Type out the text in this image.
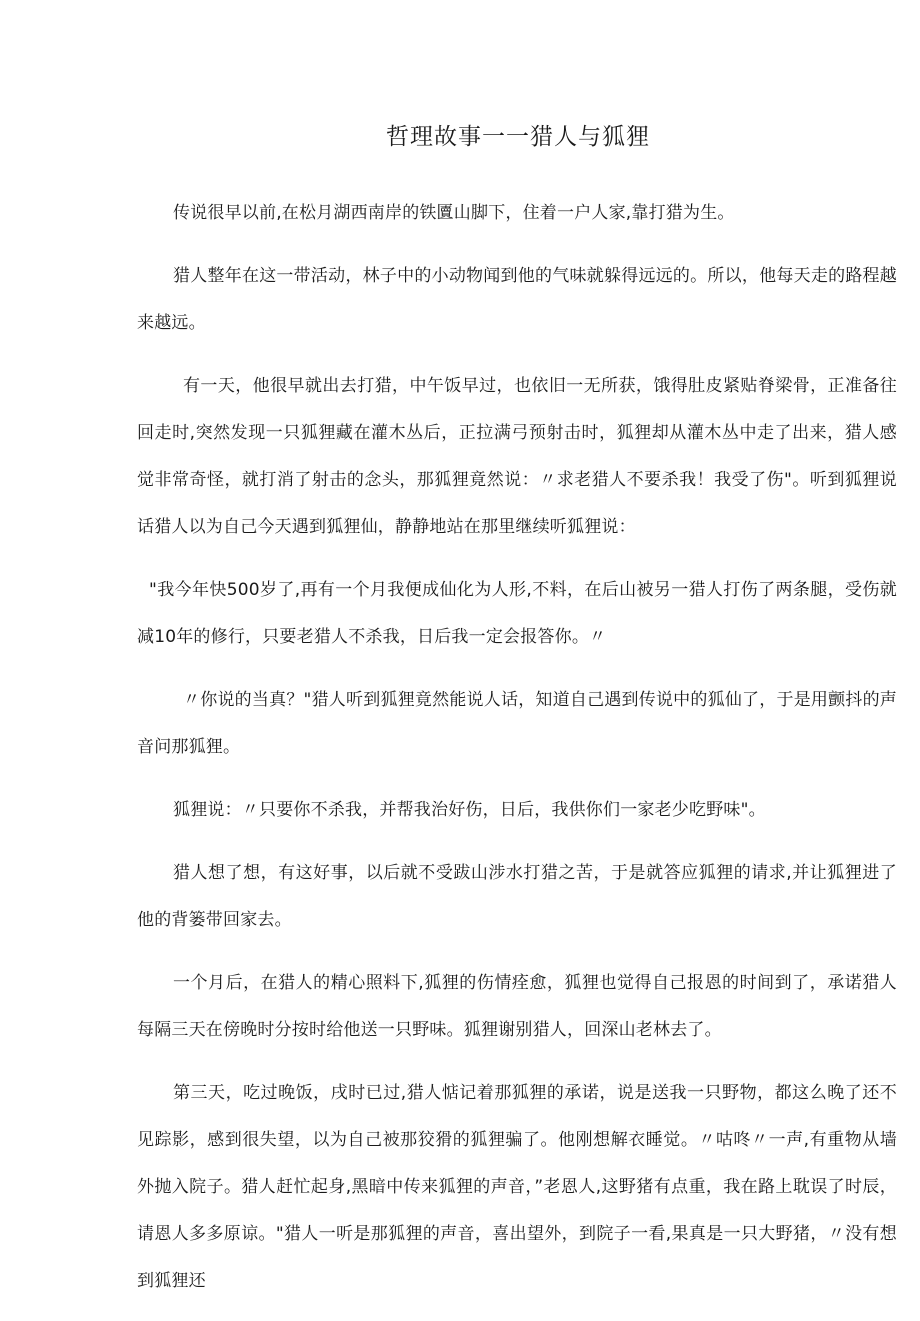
哲理故事一一猎人与狐狸

传说很早以前,在松月湖西南岸的铁匵山脚下，住着一户人家,靠打猎为生。

猎人整年在这一带活动，林子中的小动物闻到他的气味就躲得远远的。所以，他每天走的路程越来越远。

有一天，他很早就出去打猎，中午饭早过，也依旧一无所获，饿得肚皮紧贴脊梁骨，正准备往回走时,突然发现一只狐狸藏在灌木丛后，正拉满弓预射击时，狐狸却从灌木丛中走了出来，猎人感觉非常奇怪，就打消了射击的念头，那狐狸竟然说：〃求老猎人不要杀我！我受了伤"。听到狐狸说话猎人以为自己今天遇到狐狸仙，静静地站在那里继续听狐狸说：

"我今年快500岁了,再有一个月我便成仙化为人形,不料，在后山被另一猎人打伤了两条腿，受伤就减10年的修行，只要老猎人不杀我，日后我一定会报答你。〃

〃你说的当真？"猎人听到狐狸竟然能说人话，知道自己遇到传说中的狐仙了，于是用颤抖的声音问那狐狸。

狐狸说：〃只要你不杀我，并帮我治好伤，日后，我供你们一家老少吃野味"。

猎人想了想，有这好事，以后就不受跋山涉水打猎之苦，于是就答应狐狸的请求,并让狐狸进了他的背篓带回家去。

一个月后，在猎人的精心照料下,狐狸的伤情痊愈，狐狸也觉得自己报恩的时间到了，承诺猎人每隔三天在傍晚时分按时给他送一只野味。狐狸谢别猎人，回深山老林去了。

第三天，吃过晚饭，戌时已过,猎人惦记着那狐狸的承诺，说是送我一只野物，都这么晚了还不见踪影，感到很失望，以为自己被那狡猾的狐狸骗了。他刚想解衣睡觉。〃咕咚〃一声,有重物从墙外抛入院子。猎人赶忙起身,黑暗中传来狐狸的声音，”老恩人,这野猪有点重，我在路上耽误了时辰，请恩人多多原谅。"猎人一听是那狐狸的声音，喜出望外，到院子一看,果真是一只大野猪，〃没有想到狐狸还
